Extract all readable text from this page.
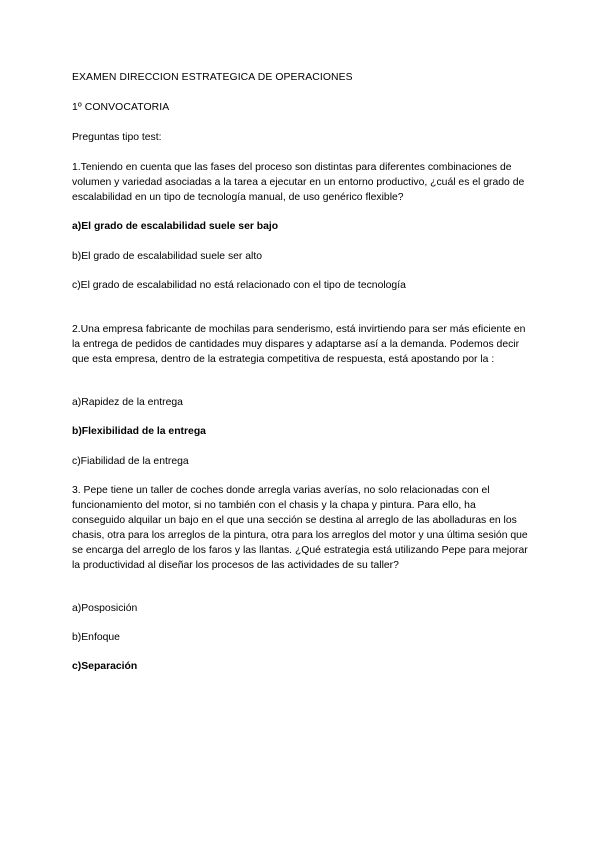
EXAMEN DIRECCION ESTRATEGICA DE OPERACIONES

1º CONVOCATORIA

Preguntas tipo test:

1.Teniendo en cuenta que las fases del proceso son distintas para diferentes combinaciones de volumen y variedad asociadas a la tarea a ejecutar en un entorno productivo, ¿cuál es el grado de escalabilidad en un tipo de tecnología manual, de uso genérico flexible?

a)El grado de escalabilidad suele ser bajo

b)El grado de escalabilidad suele ser alto

c)El grado de escalabilidad no está relacionado con el tipo de tecnología

2.Una empresa fabricante de mochilas para senderismo, está invirtiendo para ser más eficiente en la entrega de pedidos de cantidades muy dispares y adaptarse así a la demanda. Podemos decir que esta empresa, dentro de la estrategia competitiva de respuesta, está apostando por la :

a)Rapidez de la entrega

b)Flexibilidad de la entrega

c)Fiabilidad de la entrega

3. Pepe tiene un taller de coches donde arregla varias averías, no solo relacionadas con el funcionamiento del motor, si no también con el chasis y la chapa y pintura. Para ello, ha conseguido alquilar un bajo en el que una sección se destina al arreglo de las abolladuras en los chasis, otra para los arreglos de la pintura, otra para los arreglos del motor y una última sesión que se encarga del arreglo de los faros y las llantas. ¿Qué estrategia está utilizando Pepe para mejorar la productividad al diseñar los procesos de las actividades de su taller?

a)Posposición

b)Enfoque

c)Separación
